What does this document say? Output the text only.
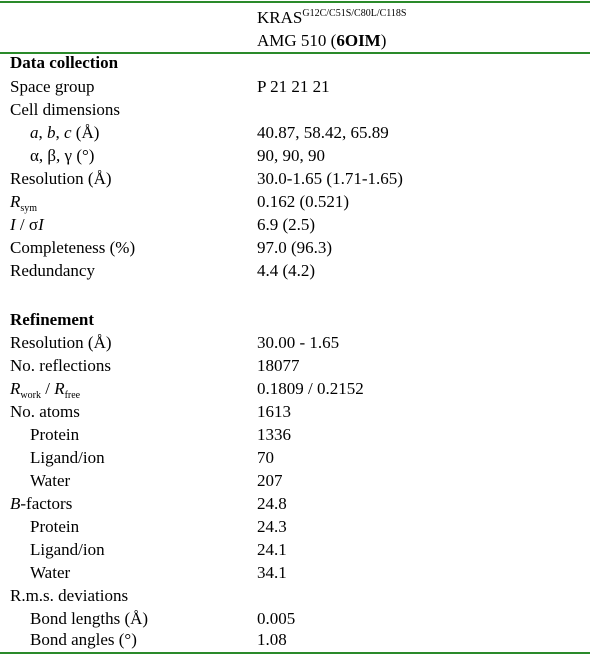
$KRAS^{G12C/C51S/C80L/C118S}$
AMG 510 (6OIM)
Data collection
Space group	P 21 21 21
Cell dimensions
a, b, c (Å)	40.87, 58.42, 65.89
α, β, γ (°)	90, 90, 90
Resolution (Å)	30.0-1.65 (1.71-1.65)
$R_{sym}$	0.162 (0.521)
I / σI	6.9 (2.5)
Completeness (%)	97.0 (96.3)
Redundancy	4.4 (4.2)
Refinement
Resolution (Å)	30.00 - 1.65
No. reflections	18077
$R_{work} / R_{free}$	0.1809 / 0.2152
No. atoms	1613
Protein	1336
Ligand/ion	70
Water	207
B-factors	24.8
Protein	24.3
Ligand/ion	24.1
Water	34.1
R.m.s. deviations
Bond lengths (Å)	0.005
Bond angles (°)	1.08
